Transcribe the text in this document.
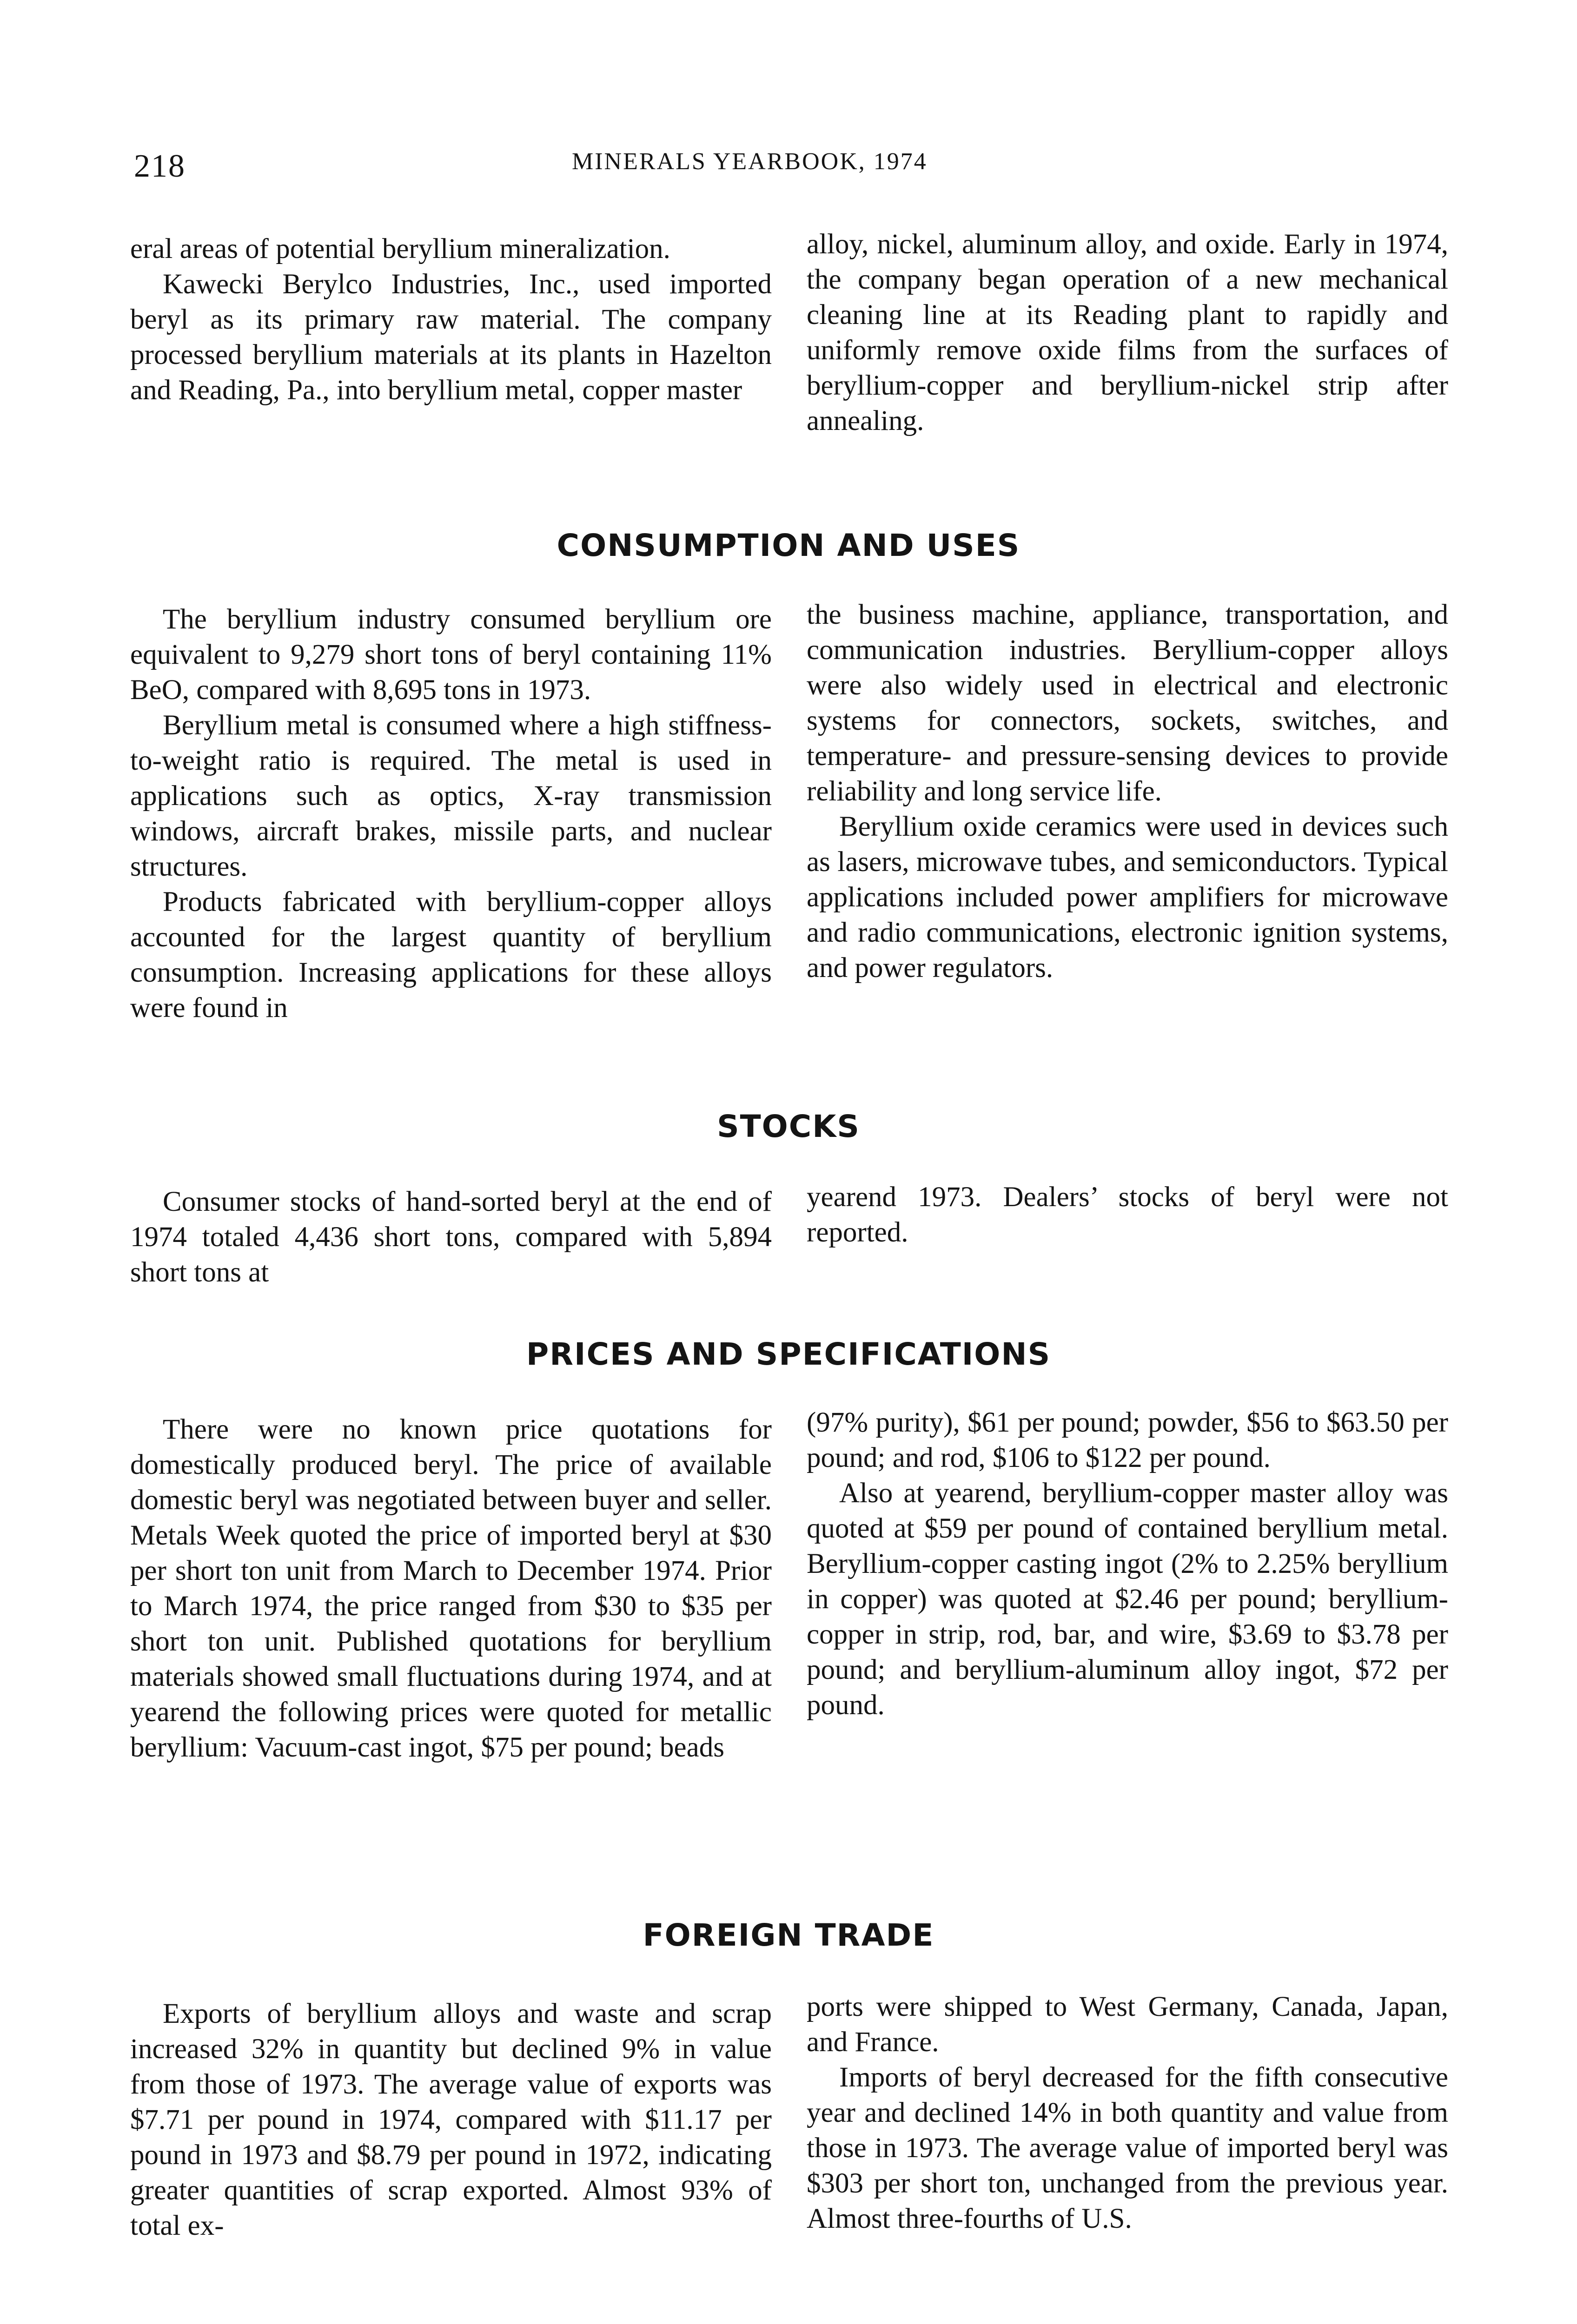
218	MINERALS YEARBOOK, 1974

eral areas of potential beryllium mineralization.

Kawecki Berylco Industries, Inc., used imported beryl as its primary raw material. The company processed beryllium materials at its plants in Hazelton and Reading, Pa., into beryllium metal, copper master

alloy, nickel, aluminum alloy, and oxide. Early in 1974, the company began operation of a new mechanical cleaning line at its Reading plant to rapidly and uniformly remove oxide films from the surfaces of beryllium-copper and beryllium-nickel strip after annealing.

CONSUMPTION AND USES

The beryllium industry consumed beryllium ore equivalent to 9,279 short tons of beryl containing 11% BeO, compared with 8,695 tons in 1973.

Beryllium metal is consumed where a high stiffness-to-weight ratio is required. The metal is used in applications such as optics, X-ray transmission windows, aircraft brakes, missile parts, and nuclear structures.

Products fabricated with beryllium-copper alloys accounted for the largest quantity of beryllium consumption. Increasing applications for these alloys were found in

the business machine, appliance, transportation, and communication industries. Beryllium-copper alloys were also widely used in electrical and electronic systems for connectors, sockets, switches, and temperature- and pressure-sensing devices to provide reliability and long service life.

Beryllium oxide ceramics were used in devices such as lasers, microwave tubes, and semiconductors. Typical applications included power amplifiers for microwave and radio communications, electronic ignition systems, and power regulators.

STOCKS

Consumer stocks of hand-sorted beryl at the end of 1974 totaled 4,436 short tons, compared with 5,894 short tons at

yearend 1973. Dealers’ stocks of beryl were not reported.

PRICES AND SPECIFICATIONS

There were no known price quotations for domestically produced beryl. The price of available domestic beryl was negotiated between buyer and seller. Metals Week quoted the price of imported beryl at $30 per short ton unit from March to December 1974. Prior to March 1974, the price ranged from $30 to $35 per short ton unit. Published quotations for beryllium materials showed small fluctuations during 1974, and at yearend the following prices were quoted for metallic beryllium: Vacuum-cast ingot, $75 per pound; beads

(97% purity), $61 per pound; powder, $56 to $63.50 per pound; and rod, $106 to $122 per pound.

Also at yearend, beryllium-copper master alloy was quoted at $59 per pound of contained beryllium metal. Beryllium-copper casting ingot (2% to 2.25% beryllium in copper) was quoted at $2.46 per pound; beryllium-copper in strip, rod, bar, and wire, $3.69 to $3.78 per pound; and beryllium-aluminum alloy ingot, $72 per pound.

FOREIGN TRADE

Exports of beryllium alloys and waste and scrap increased 32% in quantity but declined 9% in value from those of 1973. The average value of exports was $7.71 per pound in 1974, compared with $11.17 per pound in 1973 and $8.79 per pound in 1972, indicating greater quantities of scrap exported. Almost 93% of total ex-

ports were shipped to West Germany, Canada, Japan, and France.

Imports of beryl decreased for the fifth consecutive year and declined 14% in both quantity and value from those in 1973. The average value of imported beryl was $303 per short ton, unchanged from the previous year. Almost three-fourths of U.S.
